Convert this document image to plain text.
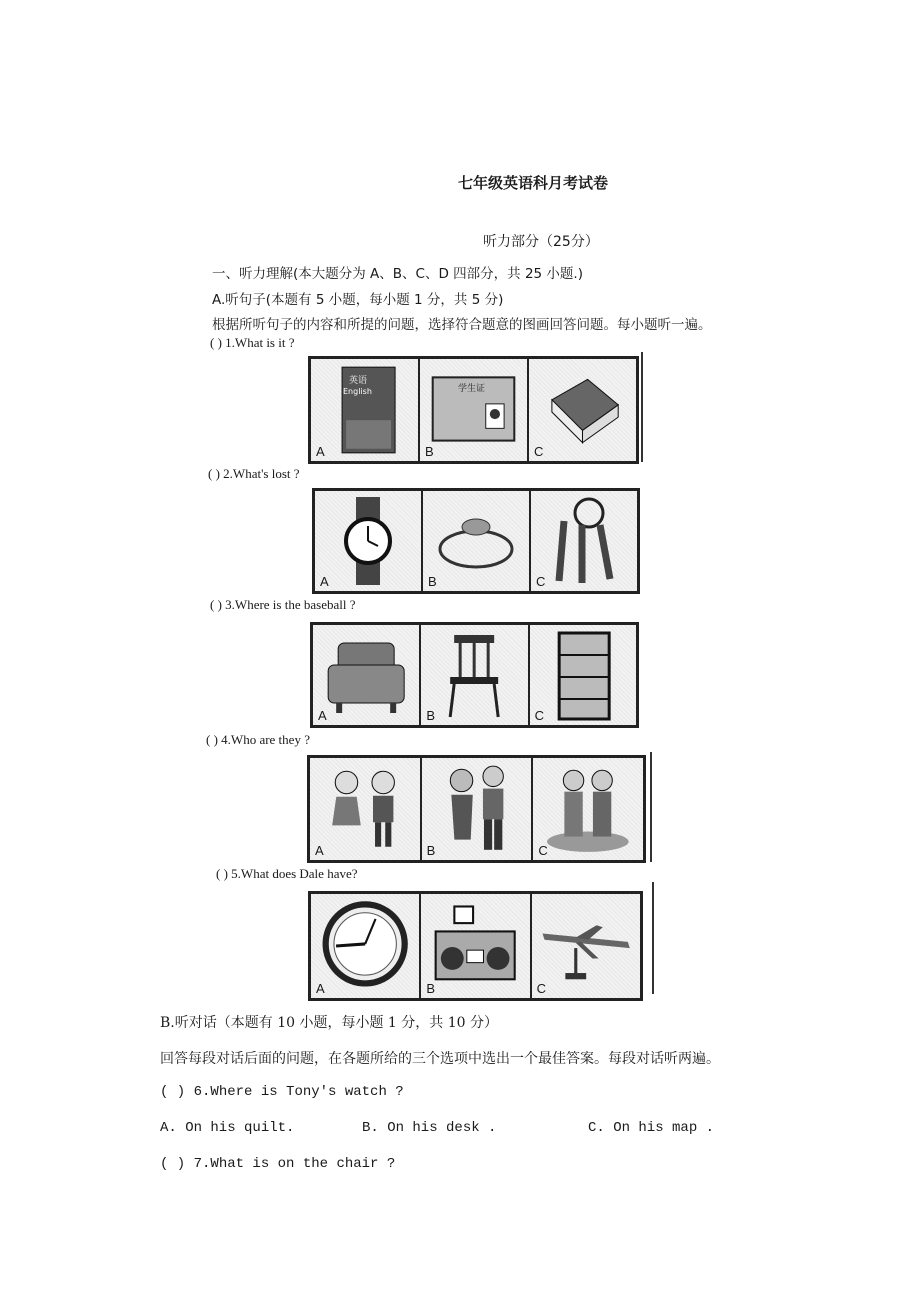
七年级英语科月考试卷
听力部分（25分）
一、听力理解(本大题分为 A、B、C、D 四部分，共 25 小题.)
A.听句子(本题有 5 小题，每小题 1 分，共 5 分)
根据所听句子的内容和所提的问题，选择符合题意的图画回答问题。每小题听一遍。
( ) 1.What is it ?
英语
English
A
学生证
B	C
( ) 2.What's lost ?
A	B	C
( ) 3.Where is the baseball ?
A	B	C
( ) 4.Who are they ?
A	B	C
( ) 5.What does Dale have?
A	B	C
B.听对话（本题有 10 小题，每小题 1 分，共 10 分）
回答每段对话后面的问题，在各题所给的三个选项中选出一个最佳答案。每段对话听两遍。
( ) 6.Where is Tony's watch ?
A. On his quilt.	B. On his desk .	C. On his map .
( ) 7.What is on the chair ?
